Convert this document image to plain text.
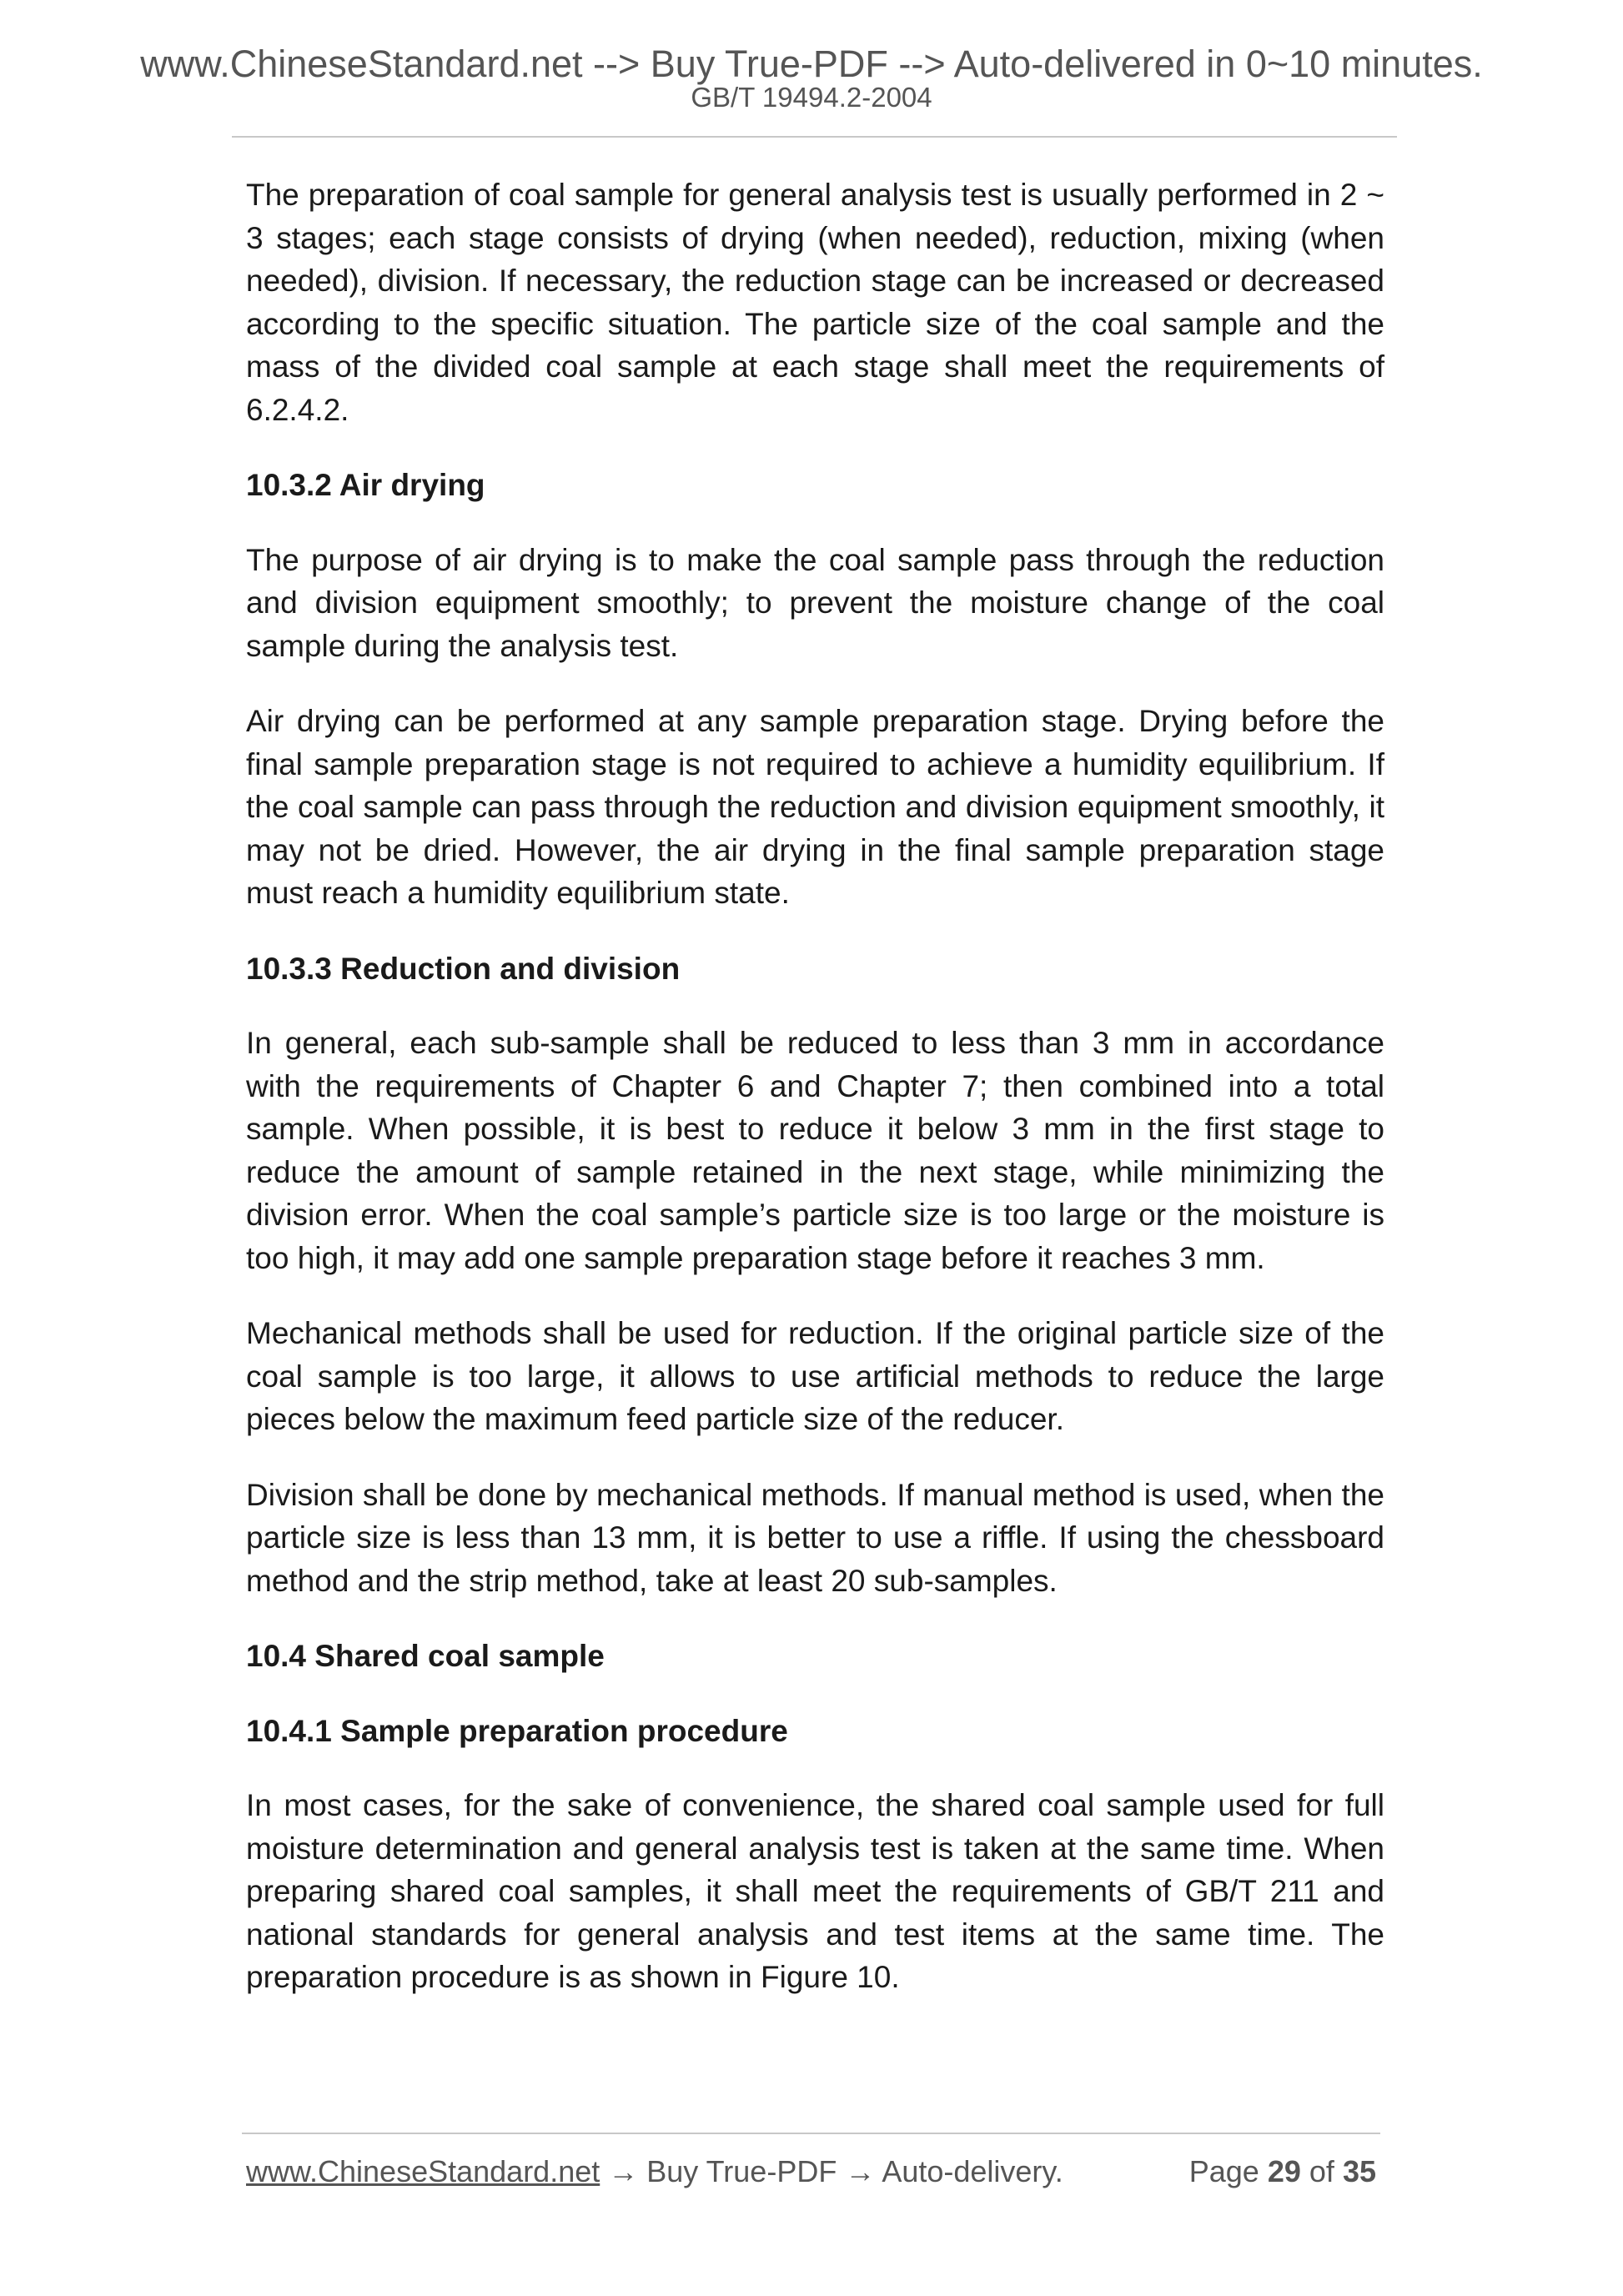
www.ChineseStandard.net --> Buy True-PDF --> Auto-delivered in 0~10 minutes.
GB/T 19494.2-2004

The preparation of coal sample for general analysis test is usually performed in 2 ~ 3 stages; each stage consists of drying (when needed), reduction, mixing (when needed), division. If necessary, the reduction stage can be increased or decreased according to the specific situation. The particle size of the coal sample and the mass of the divided coal sample at each stage shall meet the requirements of 6.2.4.2.

10.3.2 Air drying

The purpose of air drying is to make the coal sample pass through the reduction and division equipment smoothly; to prevent the moisture change of the coal sample during the analysis test.

Air drying can be performed at any sample preparation stage. Drying before the final sample preparation stage is not required to achieve a humidity equilibrium. If the coal sample can pass through the reduction and division equipment smoothly, it may not be dried. However, the air drying in the final sample preparation stage must reach a humidity equilibrium state.

10.3.3 Reduction and division

In general, each sub-sample shall be reduced to less than 3 mm in accordance with the requirements of Chapter 6 and Chapter 7; then combined into a total sample. When possible, it is best to reduce it below 3 mm in the first stage to reduce the amount of sample retained in the next stage, while minimizing the division error. When the coal sample’s particle size is too large or the moisture is too high, it may add one sample preparation stage before it reaches 3 mm.

Mechanical methods shall be used for reduction. If the original particle size of the coal sample is too large, it allows to use artificial methods to reduce the large pieces below the maximum feed particle size of the reducer.

Division shall be done by mechanical methods. If manual method is used, when the particle size is less than 13 mm, it is better to use a riffle. If using the chessboard method and the strip method, take at least 20 sub-samples.

10.4 Shared coal sample

10.4.1 Sample preparation procedure

In most cases, for the sake of convenience, the shared coal sample used for full moisture determination and general analysis test is taken at the same time. When preparing shared coal samples, it shall meet the requirements of GB/T 211 and national standards for general analysis and test items at the same time. The preparation procedure is as shown in Figure 10.

www.ChineseStandard.net → Buy True-PDF → Auto-delivery.	Page 29 of 35
